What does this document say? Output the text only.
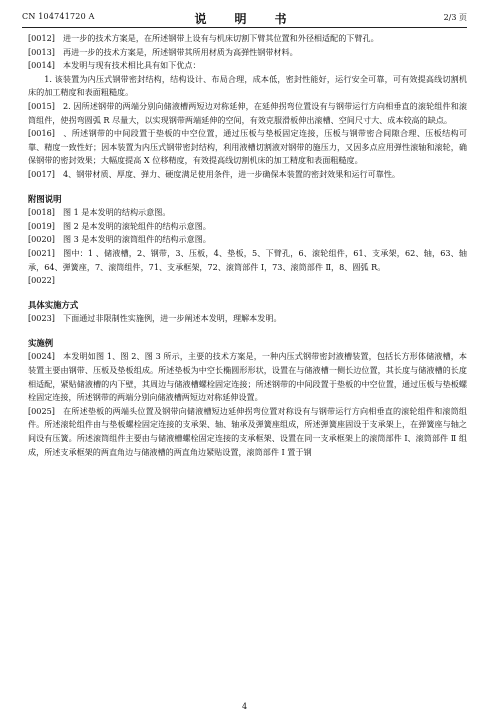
CN 104741720 A	说　明　书	2/3 页

[0012]  进一步的技术方案是，在所述钢带上设有与机床切割下臂其位置和外径相适配的下臂孔。

[0013]  再进一步的技术方案是，所述钢带其所用材质为高弹性钢带材料。

[0014]  本发明与现有技术相比具有如下优点：

  1. 该装置为内压式钢带密封结构，结构设计、布局合理，成本低，密封性能好，运行安全可靠，可有效提高线切割机床的加工精度和表面粗糙度。

[0015]  2. 因所述钢带的两端分别向储液槽两短边对称延伸，在延伸拐弯位置设有与钢带运行方向相垂直的滚轮组件和滚筒组件，使拐弯圆弧 R 尽量大，以实现钢带两端延伸的空间，有效克服滑板伸出滚槽、空间尺寸大、成本较高的缺点。

[0016]  、所述钢带的中间段置于垫板的中空位置，通过压板与垫板固定连接，压板与钢带密合间隙合理、压板结构可靠、精度一致性好；因本装置为内压式钢带密封结构，利用液槽切割液对钢带的施压力，又因多点应用弹性滚轴和滚轮，确保钢带的密封效果；大幅度提高 X 位移精度，有效提高线切割机床的加工精度和表面粗糙度。

[0017]  4、钢带材质、厚度、弹力、硬度满足使用条件，进一步确保本装置的密封效果和运行可靠性。

附图说明

[0018]  图 1 是本发明的结构示意图。

[0019]  图 2 是本发明的滚轮组件的结构示意图。

[0020]  图 3 是本发明的滚筒组件的结构示意图。

[0021]  图中：1 、储液槽，2、钢带，3、压板，4、垫板，5、下臂孔，6、滚轮组件，61、支承架，62、轴，63、轴承，64、弹簧座，7、滚筒组件，71、支承框架，72、滚筒部件 Ⅰ，73、滚筒部件 Ⅱ，8、圆弧 R。

[0022] 

具体实施方式

[0023]  下面通过非限制性实施例，进一步阐述本发明，理解本发明。

实施例

[0024]  本发明如图 1、图 2、图 3 所示，主要的技术方案是，一种内压式钢带密封液槽装置，包括长方形体储液槽，本装置主要由钢带、压板及垫板组成。所述垫板为中空长椭圆形形状，设置在与储液槽一侧长边位置，其长度与储液槽的长度相适配，紧贴储液槽的内下壁，其周边与储液槽螺栓固定连接；所述钢带的中间段置于垫板的中空位置，通过压板与垫板螺栓固定连接，所述钢带的两端分别向储液槽两短边对称延伸设置。

[0025]  在所述垫板的两端头位置及钢带向储液槽短边延伸拐弯位置对称设有与钢带运行方向相垂直的滚轮组件和滚筒组件。所述滚轮组件由与垫板螺栓固定连接的支承架、轴、轴承及弹簧座组成，所述弹簧座固设于支承架上，在弹簧座与轴之间设有压簧。所述滚筒组件主要由与储液槽螺栓固定连接的支承框架、设置在同一支承框架上的滚筒部件 Ⅰ、滚筒部件 Ⅱ 组成，所述支承框架的两直角边与储液槽的两直角边紧贴设置，滚筒部件 Ⅰ 置于钢

4
